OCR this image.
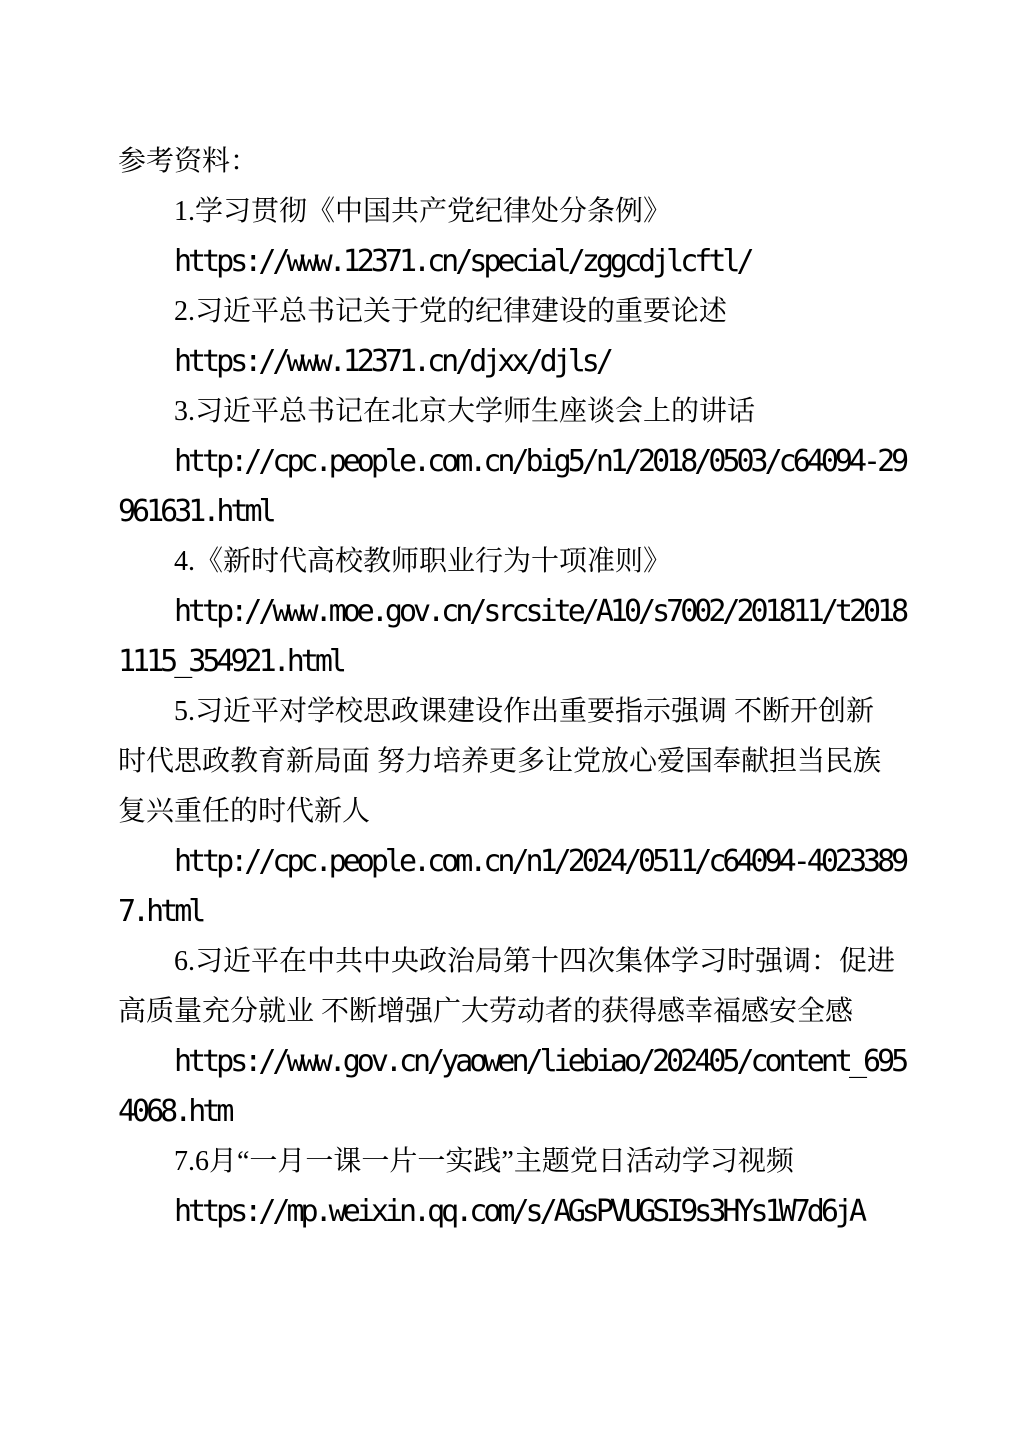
参考资料：
1.学习贯彻《中国共产党纪律处分条例》
https://www.12371.cn/special/zggcdjlcftl/
2.习近平总书记关于党的纪律建设的重要论述
https://www.12371.cn/djxx/djls/
3.习近平总书记在北京大学师生座谈会上的讲话
http://cpc.people.com.cn/big5/n1/2018/0503/c64094-29
961631.html
4.《新时代高校教师职业行为十项准则》
http://www.moe.gov.cn/srcsite/A10/s7002/201811/t2018
1115_354921.html
5.习近平对学校思政课建设作出重要指示强调 不断开创新
时代思政教育新局面 努力培养更多让党放心爱国奉献担当民族
复兴重任的时代新人
http://cpc.people.com.cn/n1/2024/0511/c64094-4023389
7.html
6.习近平在中共中央政治局第十四次集体学习时强调：促进
高质量充分就业 不断增强广大劳动者的获得感幸福感安全感
https://www.gov.cn/yaowen/liebiao/202405/content_695
4068.htm
7.6月“一月一课一片一实践”主题党日活动学习视频
https://mp.weixin.qq.com/s/AGsPVUGSI9s3HYs1W7d6jA
